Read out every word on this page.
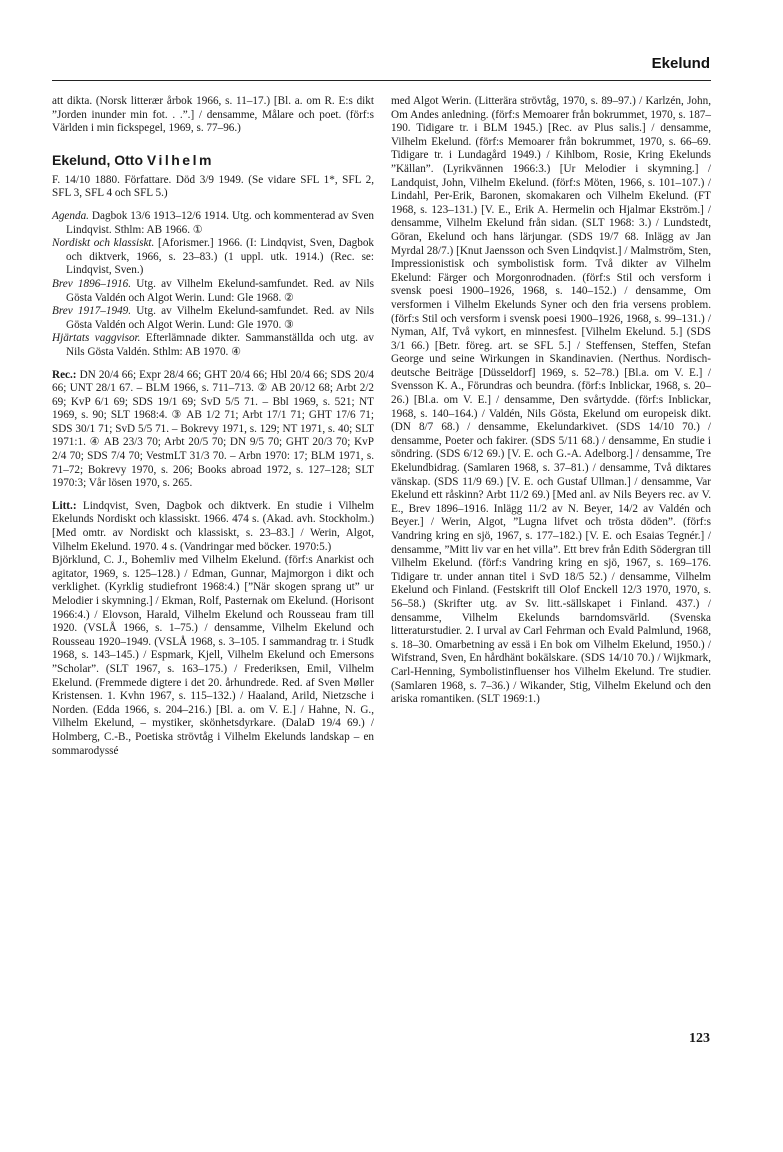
Ekelund

att dikta. (Norsk litterær årbok 1966, s. 11–17.) [Bl. a. om R. E:s dikt ”Jorden inunder min fot. . .”.] / densamme, Målare och poet. (förf:s Världen i min fickspegel, 1969, s. 77–96.)

Ekelund, Otto Vilhelm

F. 14/10 1880. Författare. Död 3/9 1949. (Se vidare SFL 1*, SFL 2, SFL 3, SFL 4 och SFL 5.)

Agenda. Dagbok 13/6 1913–12/6 1914. Utg. och kommenterad av Sven Lindqvist. Sthlm: AB 1966. ①

Nordiskt och klassiskt. [Aforismer.] 1966. (I: Lindqvist, Sven, Dagbok och diktverk, 1966, s. 23–83.) (1 uppl. utk. 1914.) (Rec. se: Lindqvist, Sven.)

Brev 1896–1916. Utg. av Vilhelm Ekelund-samfundet. Red. av Nils Gösta Valdén och Algot Werin. Lund: Gle 1968. ②

Brev 1917–1949. Utg. av Vilhelm Ekelund-samfundet. Red. av Nils Gösta Valdén och Algot Werin. Lund: Gle 1970. ③

Hjärtats vaggvisor. Efterlämnade dikter. Sammanställda och utg. av Nils Gösta Valdén. Sthlm: AB 1970. ④

Rec.: DN 20/4 66; Expr 28/4 66; GHT 20/4 66; Hbl 20/4 66; SDS 20/4 66; UNT 28/1 67. – BLM 1966, s. 711–713. ② AB 20/12 68; Arbt 2/2 69; KvP 6/1 69; SDS 19/1 69; SvD 5/5 71. – Bbl 1969, s. 521; NT 1969, s. 90; SLT 1968:4. ③ AB 1/2 71; Arbt 17/1 71; GHT 17/6 71; SDS 30/1 71; SvD 5/5 71. – Bokrevy 1971, s. 129; NT 1971, s. 40; SLT 1971:1. ④ AB 23/3 70; Arbt 20/5 70; DN 9/5 70; GHT 20/3 70; KvP 2/4 70; SDS 7/4 70; VestmLT 31/3 70. – Arbn 1970: 17; BLM 1971, s. 71–72; Bokrevy 1970, s. 206; Books abroad 1972, s. 127–128; SLT 1970:3; Vår lösen 1970, s. 265.

Litt.: Lindqvist, Sven, Dagbok och diktverk. En studie i Vilhelm Ekelunds Nordiskt och klassiskt. 1966. 474 s. (Akad. avh. Stockholm.) [Med omtr. av Nordiskt och klassiskt, s. 23–83.] / Werin, Algot, Vilhelm Ekelund. 1970. 4 s. (Vandringar med böcker. 1970:5.)

Björklund, C. J., Bohemliv med Vilhelm Ekelund. (förf:s Anarkist och agitator, 1969, s. 125–128.) / Edman, Gunnar, Majmorgon i dikt och verklighet. (Kyrklig studiefront 1968:4.) [”När skogen sprang ut” ur Melodier i skymning.] / Ekman, Rolf, Pasternak om Ekelund. (Horisont 1966:4.) / Elovson, Harald, Vilhelm Ekelund och Rousseau fram till 1920. (VSLÅ 1966, s. 1–75.) / densamme, Vilhelm Ekelund och Rousseau 1920–1949. (VSLÅ 1968, s. 3–105. I sammandrag tr. i Studk 1968, s. 143–145.) / Espmark, Kjell, Vilhelm Ekelund och Emersons ”Scholar”. (SLT 1967, s. 163–175.) / Frederiksen, Emil, Vilhelm Ekelund. (Fremmede digtere i det 20. århundrede. Red. af Sven Møller Kristensen. 1. Kvhn 1967, s. 115–132.) / Haaland, Arild, Nietzsche i Norden. (Edda 1966, s. 204–216.) [Bl. a. om V. E.] / Hahne, N. G., Vilhelm Ekelund, – mystiker, skönhetsdyrkare. (DalaD 19/4 69.) / Holmberg, C.-B., Poetiska strövtåg i Vilhelm Ekelunds landskap – en sommarodyssé

med Algot Werin. (Litterära strövtåg, 1970, s. 89–97.) / Karlzén, John, Om Andes anledning. (förf:s Memoarer från bokrummet, 1970, s. 187–190. Tidigare tr. i BLM 1945.) [Rec. av Plus salis.] / densamme, Vilhelm Ekelund. (förf:s Memoarer från bokrummet, 1970, s. 66–69. Tidigare tr. i Lundagård 1949.) / Kihlbom, Rosie, Kring Ekelunds ”Källan”. (Lyrikvännen 1966:3.) [Ur Melodier i skymning.] / Landquist, John, Vilhelm Ekelund. (förf:s Möten, 1966, s. 101–107.) / Lindahl, Per-Erik, Baronen, skomakaren och Vilhelm Ekelund. (FT 1968, s. 123–131.) [V. E., Erik A. Hermelin och Hjalmar Ekström.] / densamme, Vilhelm Ekelund från sidan. (SLT 1968: 3.) / Lundstedt, Göran, Ekelund och hans lärjungar. (SDS 19/7 68. Inlägg av Jan Myrdal 28/7.) [Knut Jaensson och Sven Lindqvist.] / Malmström, Sten, Impressionistisk och symbolistisk form. Två dikter av Vilhelm Ekelund: Färger och Morgonrodnaden. (förf:s Stil och versform i svensk poesi 1900–1926, 1968, s. 140–152.) / densamme, Om versformen i Vilhelm Ekelunds Syner och den fria versens problem. (förf:s Stil och versform i svensk poesi 1900–1926, 1968, s. 99–131.) / Nyman, Alf, Två vykort, en minnesfest. [Vilhelm Ekelund. 5.] (SDS 3/1 66.) [Betr. föreg. art. se SFL 5.] / Steffensen, Steffen, Stefan George und seine Wirkungen in Skandinavien. (Nerthus. Nordisch-deutsche Beiträge [Düsseldorf] 1969, s. 52–78.) [Bl.a. om V. E.] / Svensson K. A., Förundras och beundra. (förf:s Inblickar, 1968, s. 20–26.) [Bl.a. om V. E.] / densamme, Den svårtydde. (förf:s Inblickar, 1968, s. 140–164.) / Valdén, Nils Gösta, Ekelund om europeisk dikt. (DN 8/7 68.) / densamme, Ekelundarkivet. (SDS 14/10 70.) / densamme, Poeter och fakirer. (SDS 5/11 68.) / densamme, En studie i söndring. (SDS 6/12 69.) [V. E. och G.-A. Adelborg.] / densamme, Tre Ekelundbidrag. (Samlaren 1968, s. 37–81.) / densamme, Två diktares vänskap. (SDS 11/9 69.) [V. E. och Gustaf Ullman.] / densamme, Var Ekelund ett råskinn? Arbt 11/2 69.) [Med anl. av Nils Beyers rec. av V. E., Brev 1896–1916. Inlägg 11/2 av N. Beyer, 14/2 av Valdén och Beyer.] / Werin, Algot, ”Lugna lifvet och trösta döden”. (förf:s Vandring kring en sjö, 1967, s. 177–182.) [V. E. och Esaias Tegnér.] / densamme, ”Mitt liv var en het villa”. Ett brev från Edith Södergran till Vilhelm Ekelund. (förf:s Vandring kring en sjö, 1967, s. 169–176. Tidigare tr. under annan titel i SvD 18/5 52.) / densamme, Vilhelm Ekelund och Finland. (Festskrift till Olof Enckell 12/3 1970, 1970, s. 56–58.) (Skrifter utg. av Sv. litt.-sällskapet i Finland. 437.) / densamme, Vilhelm Ekelunds barndomsvärld. (Svenska litteraturstudier. 2. I urval av Carl Fehrman och Evald Palmlund, 1968, s. 18–30. Omarbetning av essä i En bok om Vilhelm Ekelund, 1950.) / Wifstrand, Sven, En hårdhänt bokälskare. (SDS 14/10 70.) / Wijkmark, Carl-Henning, Symbolistinfluenser hos Vilhelm Ekelund. Tre studier. (Samlaren 1968, s. 7–36.) / Wikander, Stig, Vilhelm Ekelund och den ariska romantiken. (SLT 1969:1.)

123
